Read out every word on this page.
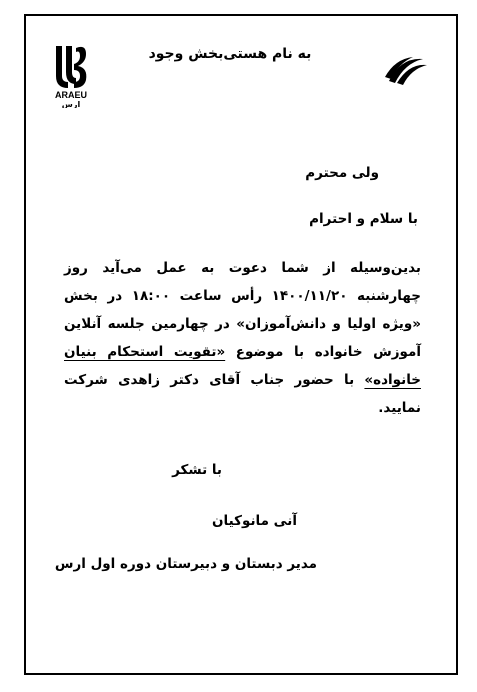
ARAEU
ارس
به نام هستی‌بخش وجود
ولی محترم
با سلام و احترام
بدین‌وسیله از شما دعوت به عمل می‌آید روز چهارشنبه ۱۴۰۰/۱۱/۲۰ رأس ساعت ۱۸:۰۰ در بخش «ویژه اولیا و دانش‌آموزان» در چهارمین جلسه آنلاین آموزش خانواده با موضوع «تقویت استحکام بنیان خانواده» با حضور جناب آقای دکتر زاهدی شرکت نمایید.
با تشکر
آنی مانوکیان
مدیر دبستان و دبیرستان دوره اول ارس
